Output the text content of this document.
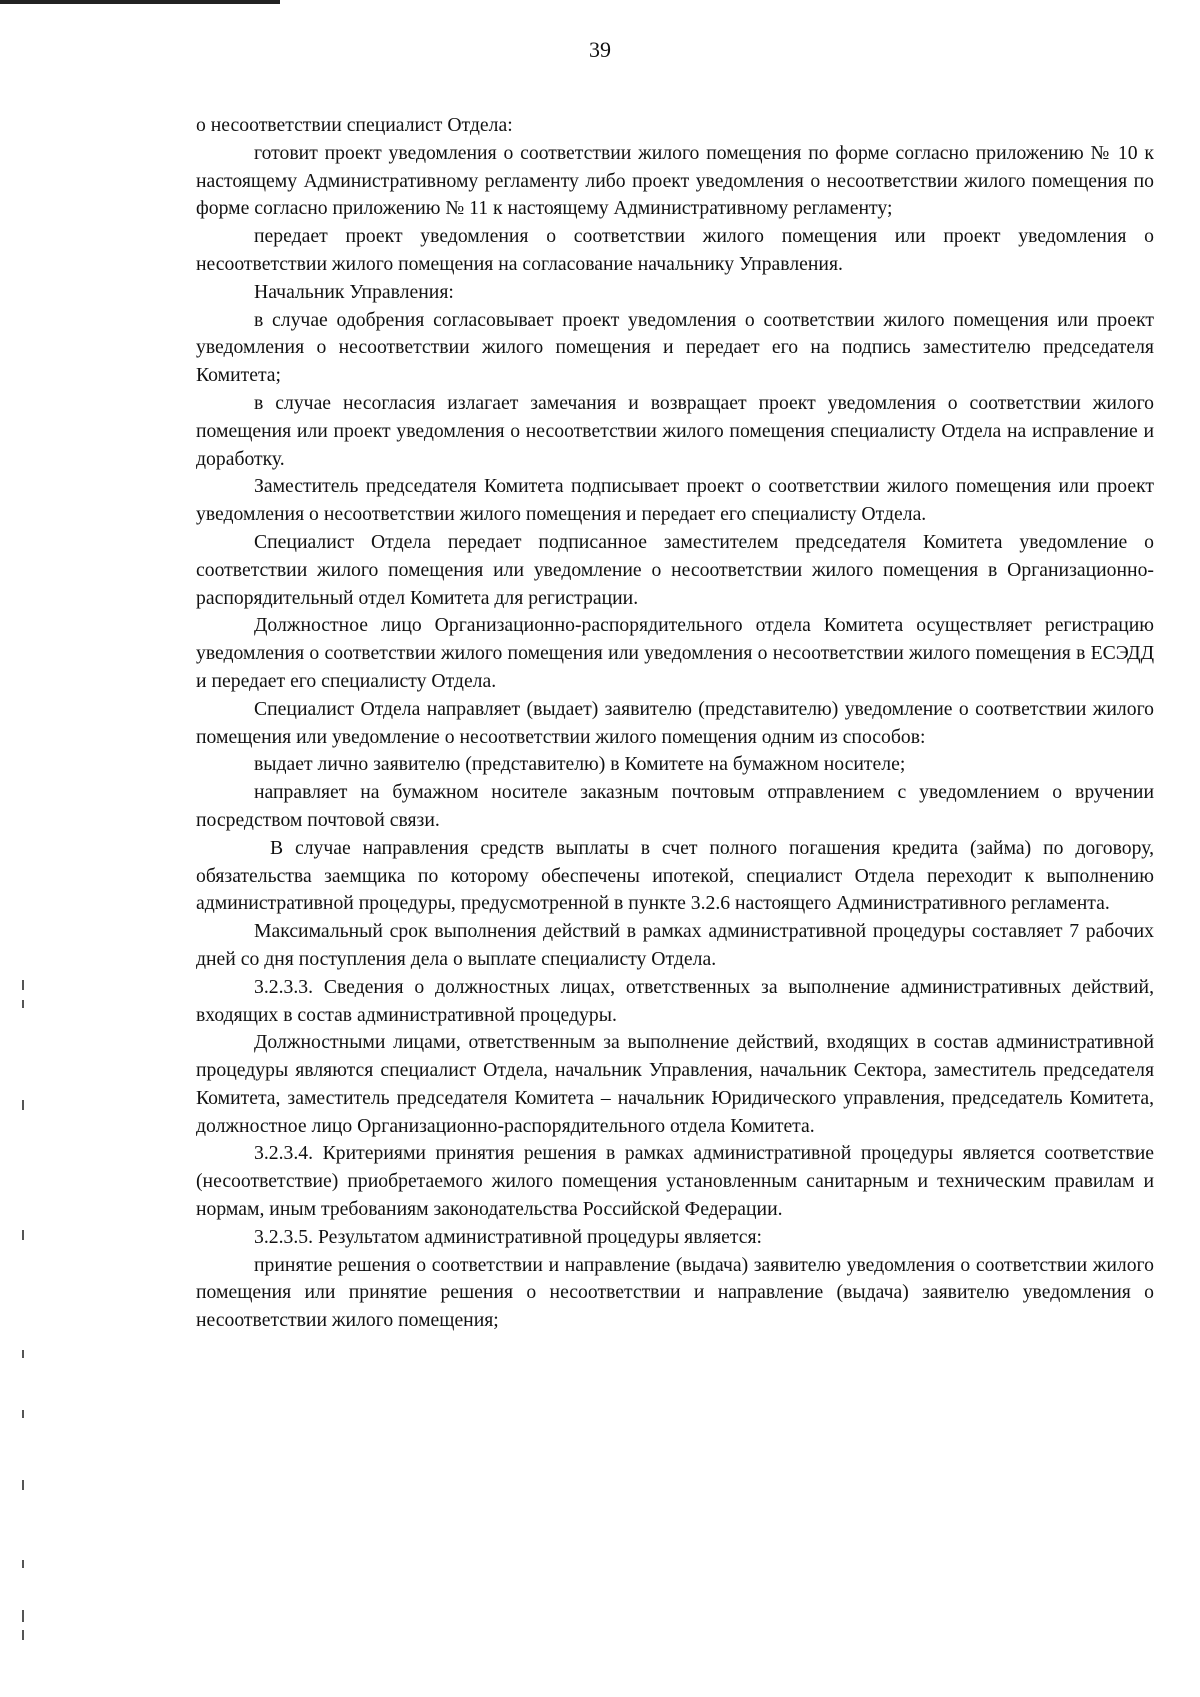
39

о несоответствии специалист Отдела:

готовит проект уведомления о соответствии жилого помещения по форме согласно приложению № 10 к настоящему Административному регламенту либо проект уведомления о несоответствии жилого помещения по форме согласно приложению № 11 к настоящему Административному регламенту;

передает проект уведомления о соответствии жилого помещения или проект уведомления о несоответствии жилого помещения на согласование начальнику Управления.

Начальник Управления:

в случае одобрения согласовывает проект уведомления о соответствии жилого помещения или проект уведомления о несоответствии жилого помещения и передает его на подпись заместителю председателя Комитета;

в случае несогласия излагает замечания и возвращает проект уведомления о соответствии жилого помещения или проект уведомления о несоответствии жилого помещения специалисту Отдела на исправление и доработку.

Заместитель председателя Комитета подписывает проект о соответствии жилого помещения или проект уведомления о несоответствии жилого помещения и передает его специалисту Отдела.

Специалист Отдела передает подписанное заместителем председателя Комитета уведомление о соответствии жилого помещения или уведомление о несоответствии жилого помещения в Организационно-распорядительный отдел Комитета для регистрации.

Должностное лицо Организационно-распорядительного отдела Комитета осуществляет регистрацию уведомления о соответствии жилого помещения или уведомления о несоответствии жилого помещения в ЕСЭДД и передает его специалисту Отдела.

Специалист Отдела направляет (выдает) заявителю (представителю) уведомление о соответствии жилого помещения или уведомление о несоответствии жилого помещения одним из способов:

выдает лично заявителю (представителю) в Комитете на бумажном носителе;

направляет на бумажном носителе заказным почтовым отправлением с уведомлением о вручении посредством почтовой связи.

В случае направления средств выплаты в счет полного погашения кредита (займа) по договору, обязательства заемщика по которому обеспечены ипотекой, специалист Отдела переходит к выполнению административной процедуры, предусмотренной в пункте 3.2.6 настоящего Административного регламента.

Максимальный срок выполнения действий в рамках административной процедуры составляет 7 рабочих дней со дня поступления дела о выплате специалисту Отдела.

3.2.3.3. Сведения о должностных лицах, ответственных за выполнение административных действий, входящих в состав административной процедуры.

Должностными лицами, ответственным за выполнение действий, входящих в состав административной процедуры являются специалист Отдела, начальник Управления, начальник Сектора, заместитель председателя Комитета, заместитель председателя Комитета – начальник Юридического управления, председатель Комитета, должностное лицо Организационно-распорядительного отдела Комитета.

3.2.3.4. Критериями принятия решения в рамках административной процедуры является соответствие (несоответствие) приобретаемого жилого помещения установленным санитарным и техническим правилам и нормам, иным требованиям законодательства Российской Федерации.

3.2.3.5. Результатом административной процедуры является:

принятие решения о соответствии и направление (выдача) заявителю уведомления о соответствии жилого помещения или принятие решения о несоответствии и направление (выдача) заявителю уведомления о несоответствии жилого помещения;
